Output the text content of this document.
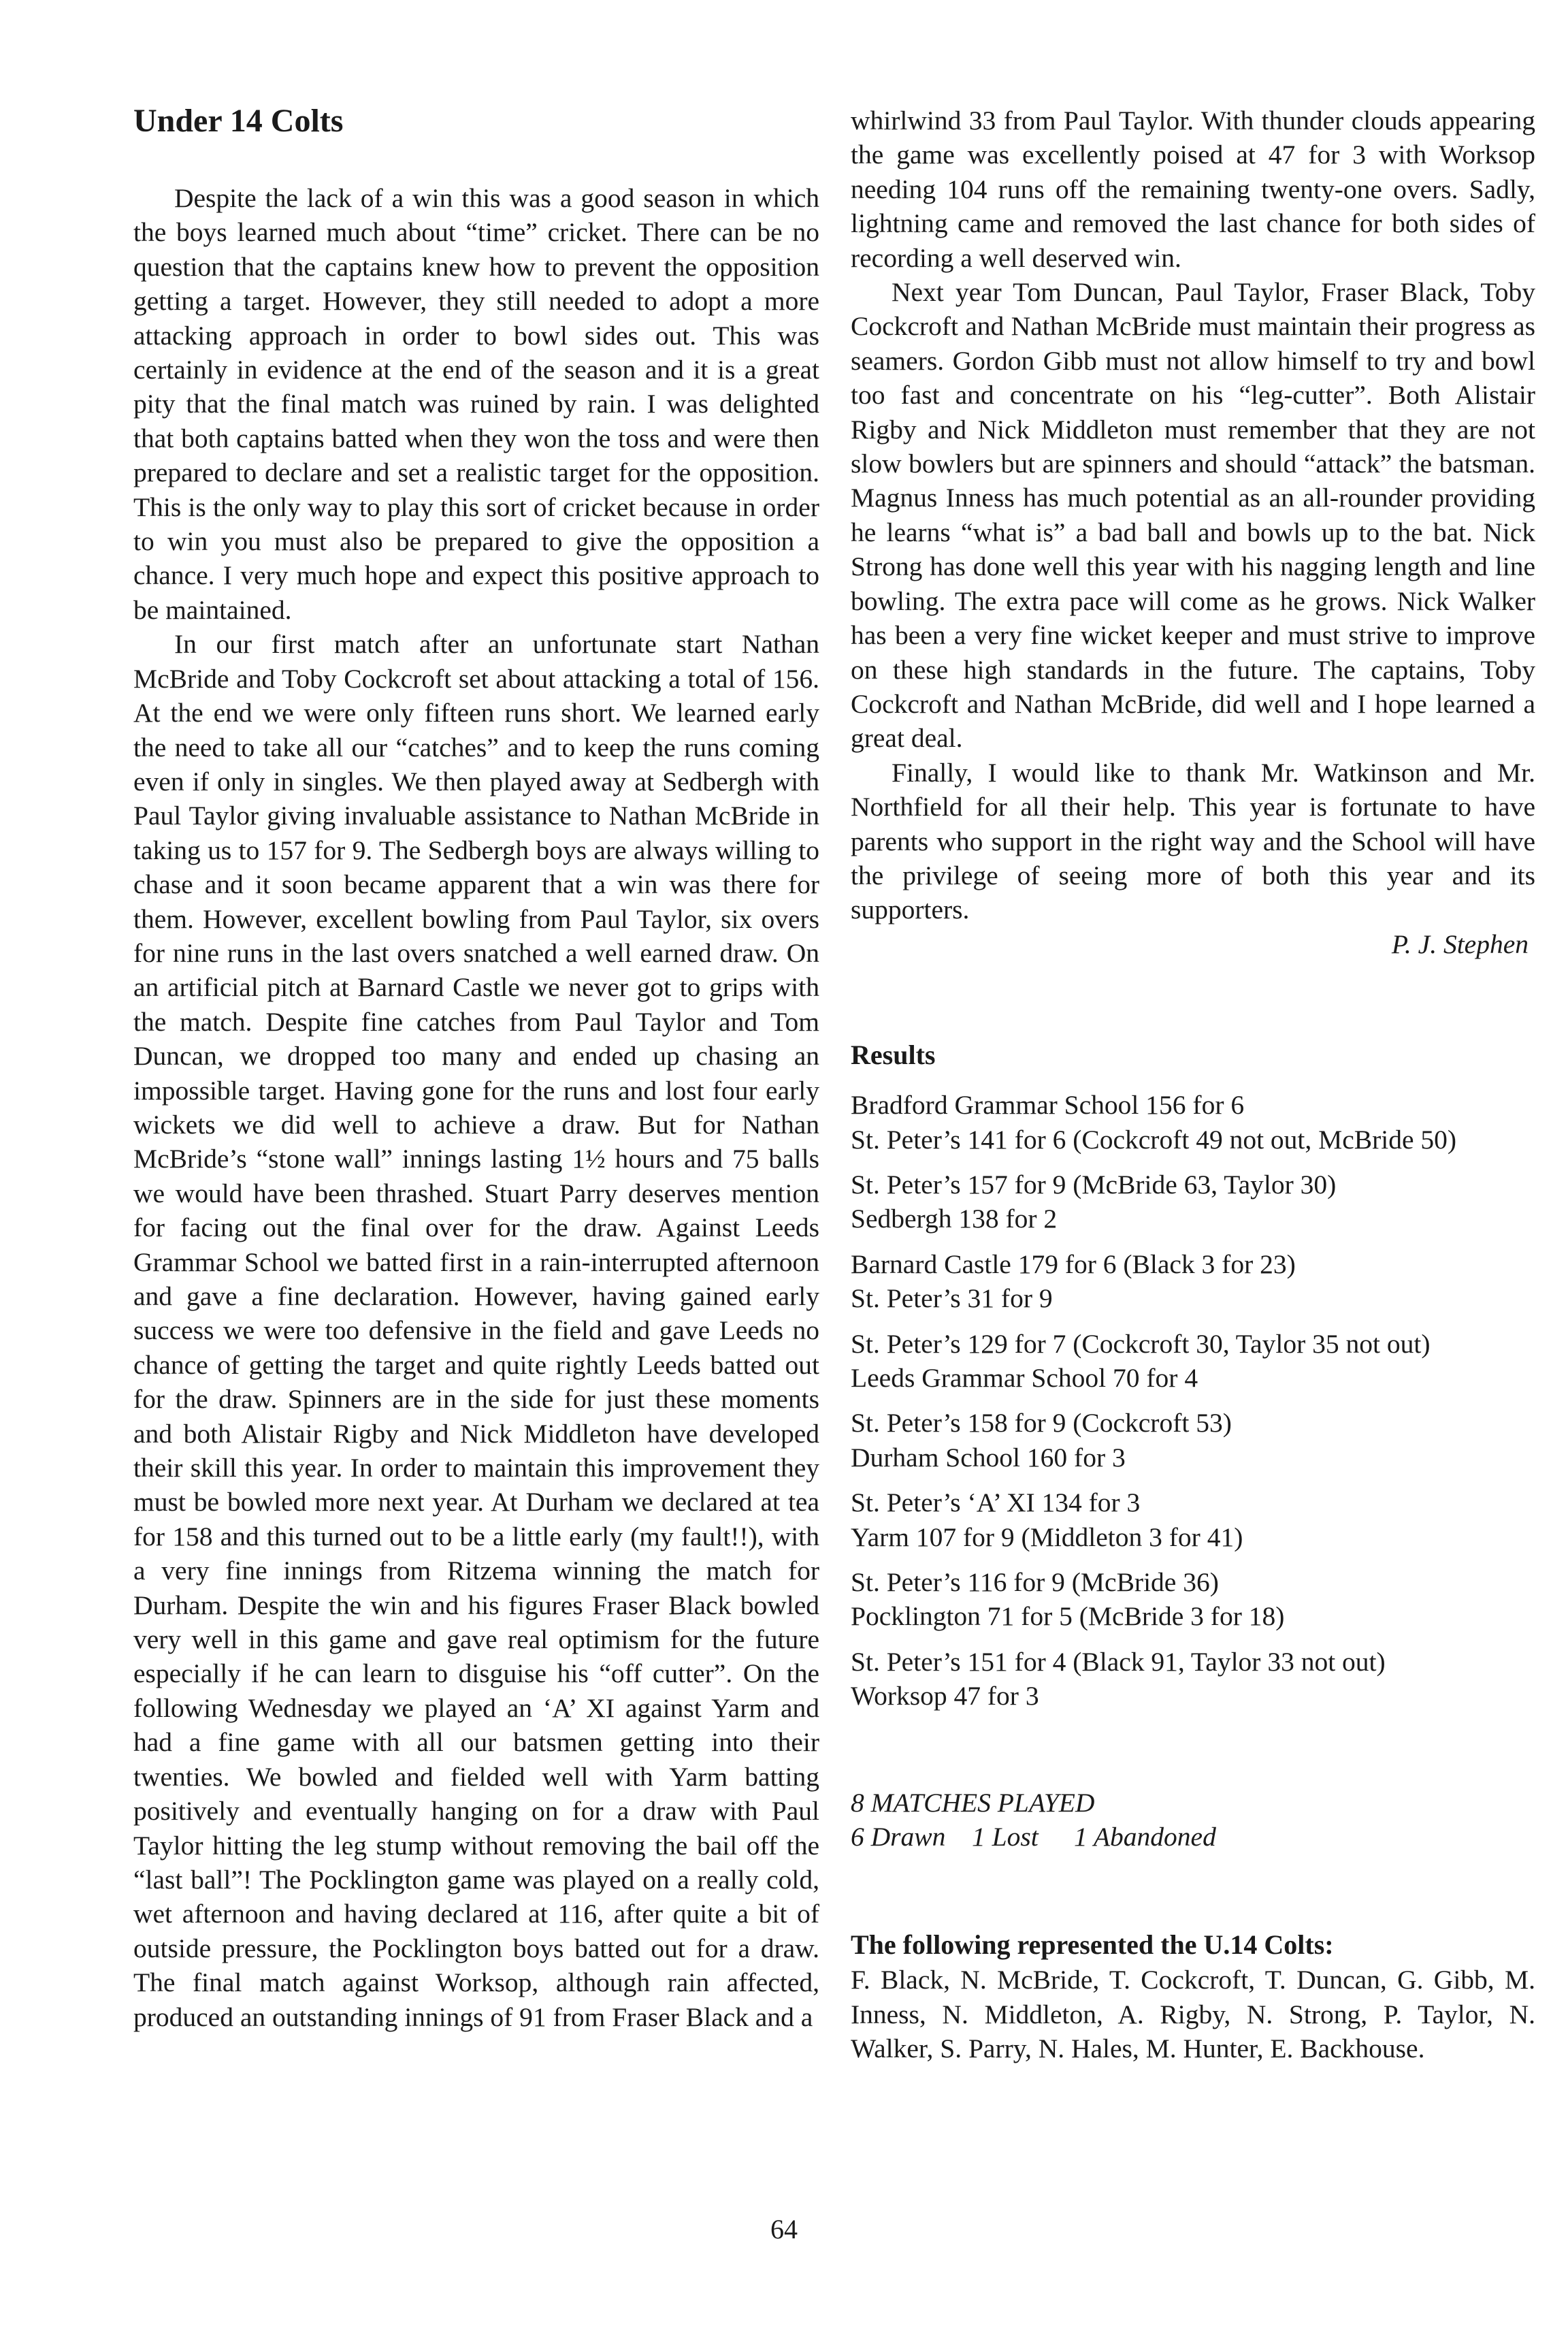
Under 14 Colts

Despite the lack of a win this was a good season in which the boys learned much about “time” cricket. There can be no question that the captains knew how to prevent the opposition getting a target. However, they still needed to adopt a more attacking approach in order to bowl sides out. This was certainly in evidence at the end of the season and it is a great pity that the final match was ruined by rain. I was delighted that both captains batted when they won the toss and were then prepared to declare and set a realistic target for the opposition. This is the only way to play this sort of cricket because in order to win you must also be prepared to give the opposition a chance. I very much hope and expect this positive approach to be maintained.

In our first match after an unfortunate start Nathan McBride and Toby Cockcroft set about attacking a total of 156. At the end we were only fifteen runs short. We learned early the need to take all our “catches” and to keep the runs coming even if only in singles. We then played away at Sedbergh with Paul Taylor giving invaluable assistance to Nathan McBride in taking us to 157 for 9. The Sedbergh boys are always willing to chase and it soon became apparent that a win was there for them. However, excellent bowling from Paul Taylor, six overs for nine runs in the last overs snatched a well earned draw. On an artificial pitch at Barnard Castle we never got to grips with the match. Despite fine catches from Paul Taylor and Tom Duncan, we dropped too many and ended up chasing an impossible target. Having gone for the runs and lost four early wickets we did well to achieve a draw. But for Nathan McBride’s “stone wall” innings lasting 1½ hours and 75 balls we would have been thrashed. Stuart Parry deserves mention for facing out the final over for the draw. Against Leeds Grammar School we batted first in a rain-interrupted afternoon and gave a fine declaration. However, having gained early success we were too defensive in the field and gave Leeds no chance of getting the target and quite rightly Leeds batted out for the draw. Spinners are in the side for just these moments and both Alistair Rigby and Nick Middleton have developed their skill this year. In order to maintain this improvement they must be bowled more next year. At Durham we declared at tea for 158 and this turned out to be a little early (my fault!!), with a very fine innings from Ritzema winning the match for Durham. Despite the win and his figures Fraser Black bowled very well in this game and gave real optimism for the future especially if he can learn to disguise his “off cutter”. On the following Wednesday we played an ‘A’ XI against Yarm and had a fine game with all our batsmen getting into their twenties. We bowled and fielded well with Yarm batting positively and eventually hanging on for a draw with Paul Taylor hitting the leg stump without removing the bail off the “last ball”! The Pocklington game was played on a really cold, wet afternoon and having declared at 116, after quite a bit of outside pressure, the Pocklington boys batted out for a draw. The final match against Worksop, although rain affected, produced an outstanding innings of 91 from Fraser Black and a

whirlwind 33 from Paul Taylor. With thunder clouds appearing the game was excellently poised at 47 for 3 with Worksop needing 104 runs off the remaining twenty-one overs. Sadly, lightning came and removed the last chance for both sides of recording a well deserved win.

Next year Tom Duncan, Paul Taylor, Fraser Black, Toby Cockcroft and Nathan McBride must maintain their progress as seamers. Gordon Gibb must not allow himself to try and bowl too fast and concentrate on his “leg-cutter”. Both Alistair Rigby and Nick Middleton must remember that they are not slow bowlers but are spinners and should “attack” the batsman. Magnus Inness has much potential as an all-rounder providing he learns “what is” a bad ball and bowls up to the bat. Nick Strong has done well this year with his nagging length and line bowling. The extra pace will come as he grows. Nick Walker has been a very fine wicket keeper and must strive to improve on these high standards in the future. The captains, Toby Cockcroft and Nathan McBride, did well and I hope learned a great deal.

Finally, I would like to thank Mr. Watkinson and Mr. Northfield for all their help. This year is fortunate to have parents who support in the right way and the School will have the privilege of seeing more of both this year and its supporters.

P. J. Stephen
Results
Bradford Grammar School 156 for 6
St. Peter’s 141 for 6 (Cockcroft 49 not out, McBride 50)
St. Peter’s 157 for 9 (McBride 63, Taylor 30)
Sedbergh 138 for 2
Barnard Castle 179 for 6 (Black 3 for 23)
St. Peter’s 31 for 9
St. Peter’s 129 for 7 (Cockcroft 30, Taylor 35 not out)
Leeds Grammar School 70 for 4
St. Peter’s 158 for 9 (Cockcroft 53)
Durham School 160 for 3
St. Peter’s ‘A’ XI 134 for 3
Yarm 107 for 9 (Middleton 3 for 41)
St. Peter’s 116 for 9 (McBride 36)
Pocklington 71 for 5 (McBride 3 for 18)
St. Peter’s 151 for 4 (Black 91, Taylor 33 not out)
Worksop 47 for 3
8 MATCHES PLAYED
6 Drawn 1 Lost 1 Abandoned
The following represented the U.14 Colts:
F. Black, N. McBride, T. Cockcroft, T. Duncan, G. Gibb, M. Inness, N. Middleton, A. Rigby, N. Strong, P. Taylor, N. Walker, S. Parry, N. Hales, M. Hunter, E. Backhouse.
64
